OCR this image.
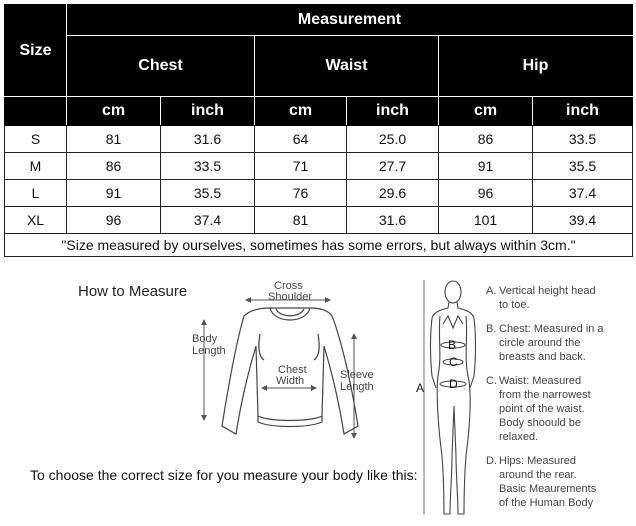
Size	Measurement					
	Chest		Waist		Hip	
	cm	inch	cm	inch	cm	inch
S	81	31.6	64	25.0	86	33.5
M	86	33.5	71	27.7	91	35.5
L	91	35.5	76	29.6	96	37.4
XL	96	37.4	81	31.6	101	39.4
"Size measured by ourselves, sometimes has some errors, but always within 3cm."						
How to Measure	Cross
Shoulder
Body
Length
Chest
Width	Sleeve
Length
B
C
D
A
A. Vertical height head
to toe.
B. Chest: Measured in a
circle around the
breasts and back.
C. Waist: Measured
from the narrowest
point of the waist.
Body shoould be
relaxed.
D. Hips: Measured
around the rear.
Basic Meaurements
of the Human Body
To choose the correct size for you measure your body like this:
